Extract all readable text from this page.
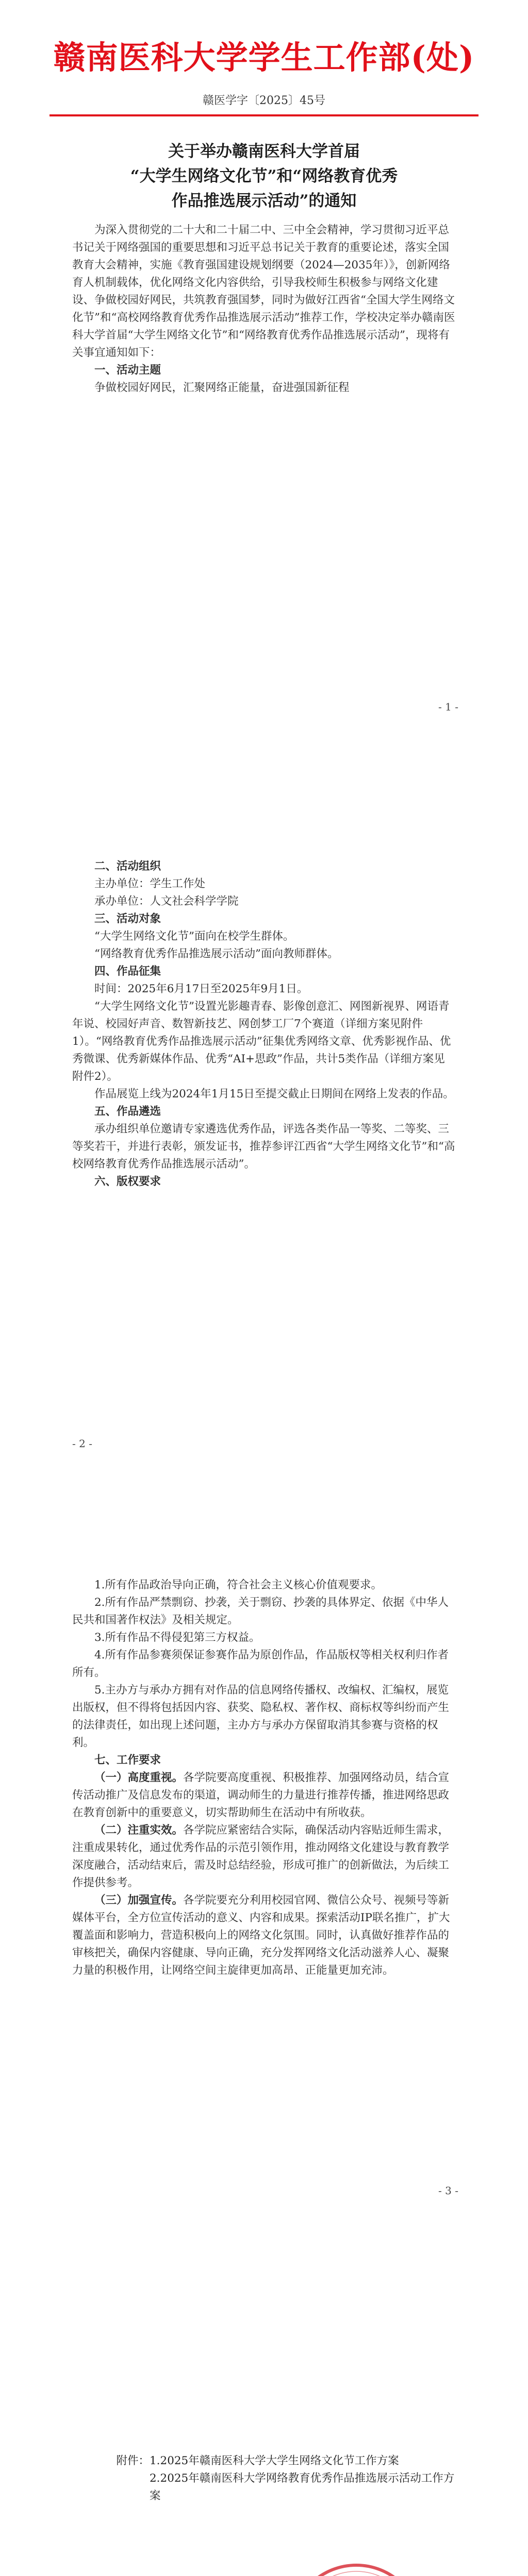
赣南医科大学学生工作部(处)
赣医学字〔2025〕45号
关于举办赣南医科大学首届
“大学生网络文化节”和“网络教育优秀
作品推选展示活动”的通知

为深入贯彻党的二十大和二十届二中、三中全会精神，学习贯彻习近平总书记关于网络强国的重要思想和习近平总书记关于教育的重要论述，落实全国教育大会精神，实施《教育强国建设规划纲要（2024—2035年）》，创新网络育人机制载体，优化网络文化内容供给，引导我校师生积极参与网络文化建设、争做校园好网民，共筑教育强国梦，同时为做好江西省“全国大学生网络文化节”和“高校网络教育优秀作品推选展示活动”推荐工作，学校决定举办赣南医科大学首届“大学生网络文化节”和“网络教育优秀作品推选展示活动”，现将有关事宜通知如下：

一、活动主题

争做校园好网民，汇聚网络正能量，奋进强国新征程

- 1 -

二、活动组织

主办单位：学生工作处

承办单位：人文社会科学学院

三、活动对象

“大学生网络文化节”面向在校学生群体。

“网络教育优秀作品推选展示活动”面向教师群体。

四、作品征集

时间：2025年6月17日至2025年9月1日。

“大学生网络文化节”设置光影趣青春、影像创意汇、网图新视界、网语青年说、校园好声音、数智新技艺、网创梦工厂7个赛道（详细方案见附件1）。“网络教育优秀作品推选展示活动”征集优秀网络文章、优秀影视作品、优秀微课、优秀新媒体作品、优秀“AI+思政”作品，共计5类作品（详细方案见附件2）。

作品展览上线为2024年1月15日至提交截止日期间在网络上发表的作品。

五、作品遴选

承办组织单位邀请专家遴选优秀作品，评选各类作品一等奖、二等奖、三等奖若干，并进行表彰，颁发证书，推荐参评江西省“大学生网络文化节”和“高校网络教育优秀作品推选展示活动”。

六、版权要求

- 2 -

1.所有作品政治导向正确，符合社会主义核心价值观要求。

2.所有作品严禁剽窃、抄袭，关于剽窃、抄袭的具体界定、依据《中华人民共和国著作权法》及相关规定。

3.所有作品不得侵犯第三方权益。

4.所有作品参赛须保证参赛作品为原创作品，作品版权等相关权利归作者所有。

5.主办方与承办方拥有对作品的信息网络传播权、改编权、汇编权，展览出版权，但不得将包括因内容、获奖、隐私权、著作权、商标权等纠纷而产生的法律责任，如出现上述问题，主办方与承办方保留取消其参赛与资格的权利。

七、工作要求

（一）高度重视。各学院要高度重视、积极推荐、加强网络动员，结合宣传活动推广及信息发布的渠道，调动师生的力量进行推荐传播，推进网络思政在教育创新中的重要意义，切实帮助师生在活动中有所收获。

（二）注重实效。各学院应紧密结合实际，确保活动内容贴近师生需求，注重成果转化，通过优秀作品的示范引领作用，推动网络文化建设与教育教学深度融合，活动结束后，需及时总结经验，形成可推广的创新做法，为后续工作提供参考。

（三）加强宣传。各学院要充分利用校园官网、微信公众号、视频号等新媒体平台，全方位宣传活动的意义、内容和成果。探索活动IP联名推广，扩大覆盖面和影响力，营造积极向上的网络文化氛围。同时，认真做好推荐作品的审核把关，确保内容健康、导向正确，充分发挥网络文化活动滋养人心、凝聚力量的积极作用，让网络空间主旋律更加高昂、正能量更加充沛。

- 3 -
附件： 1.2025年赣南医科大学大学生网络文化节工作方案
2.2025年赣南医科大学网络教育优秀作品推选展示活动工作方案
